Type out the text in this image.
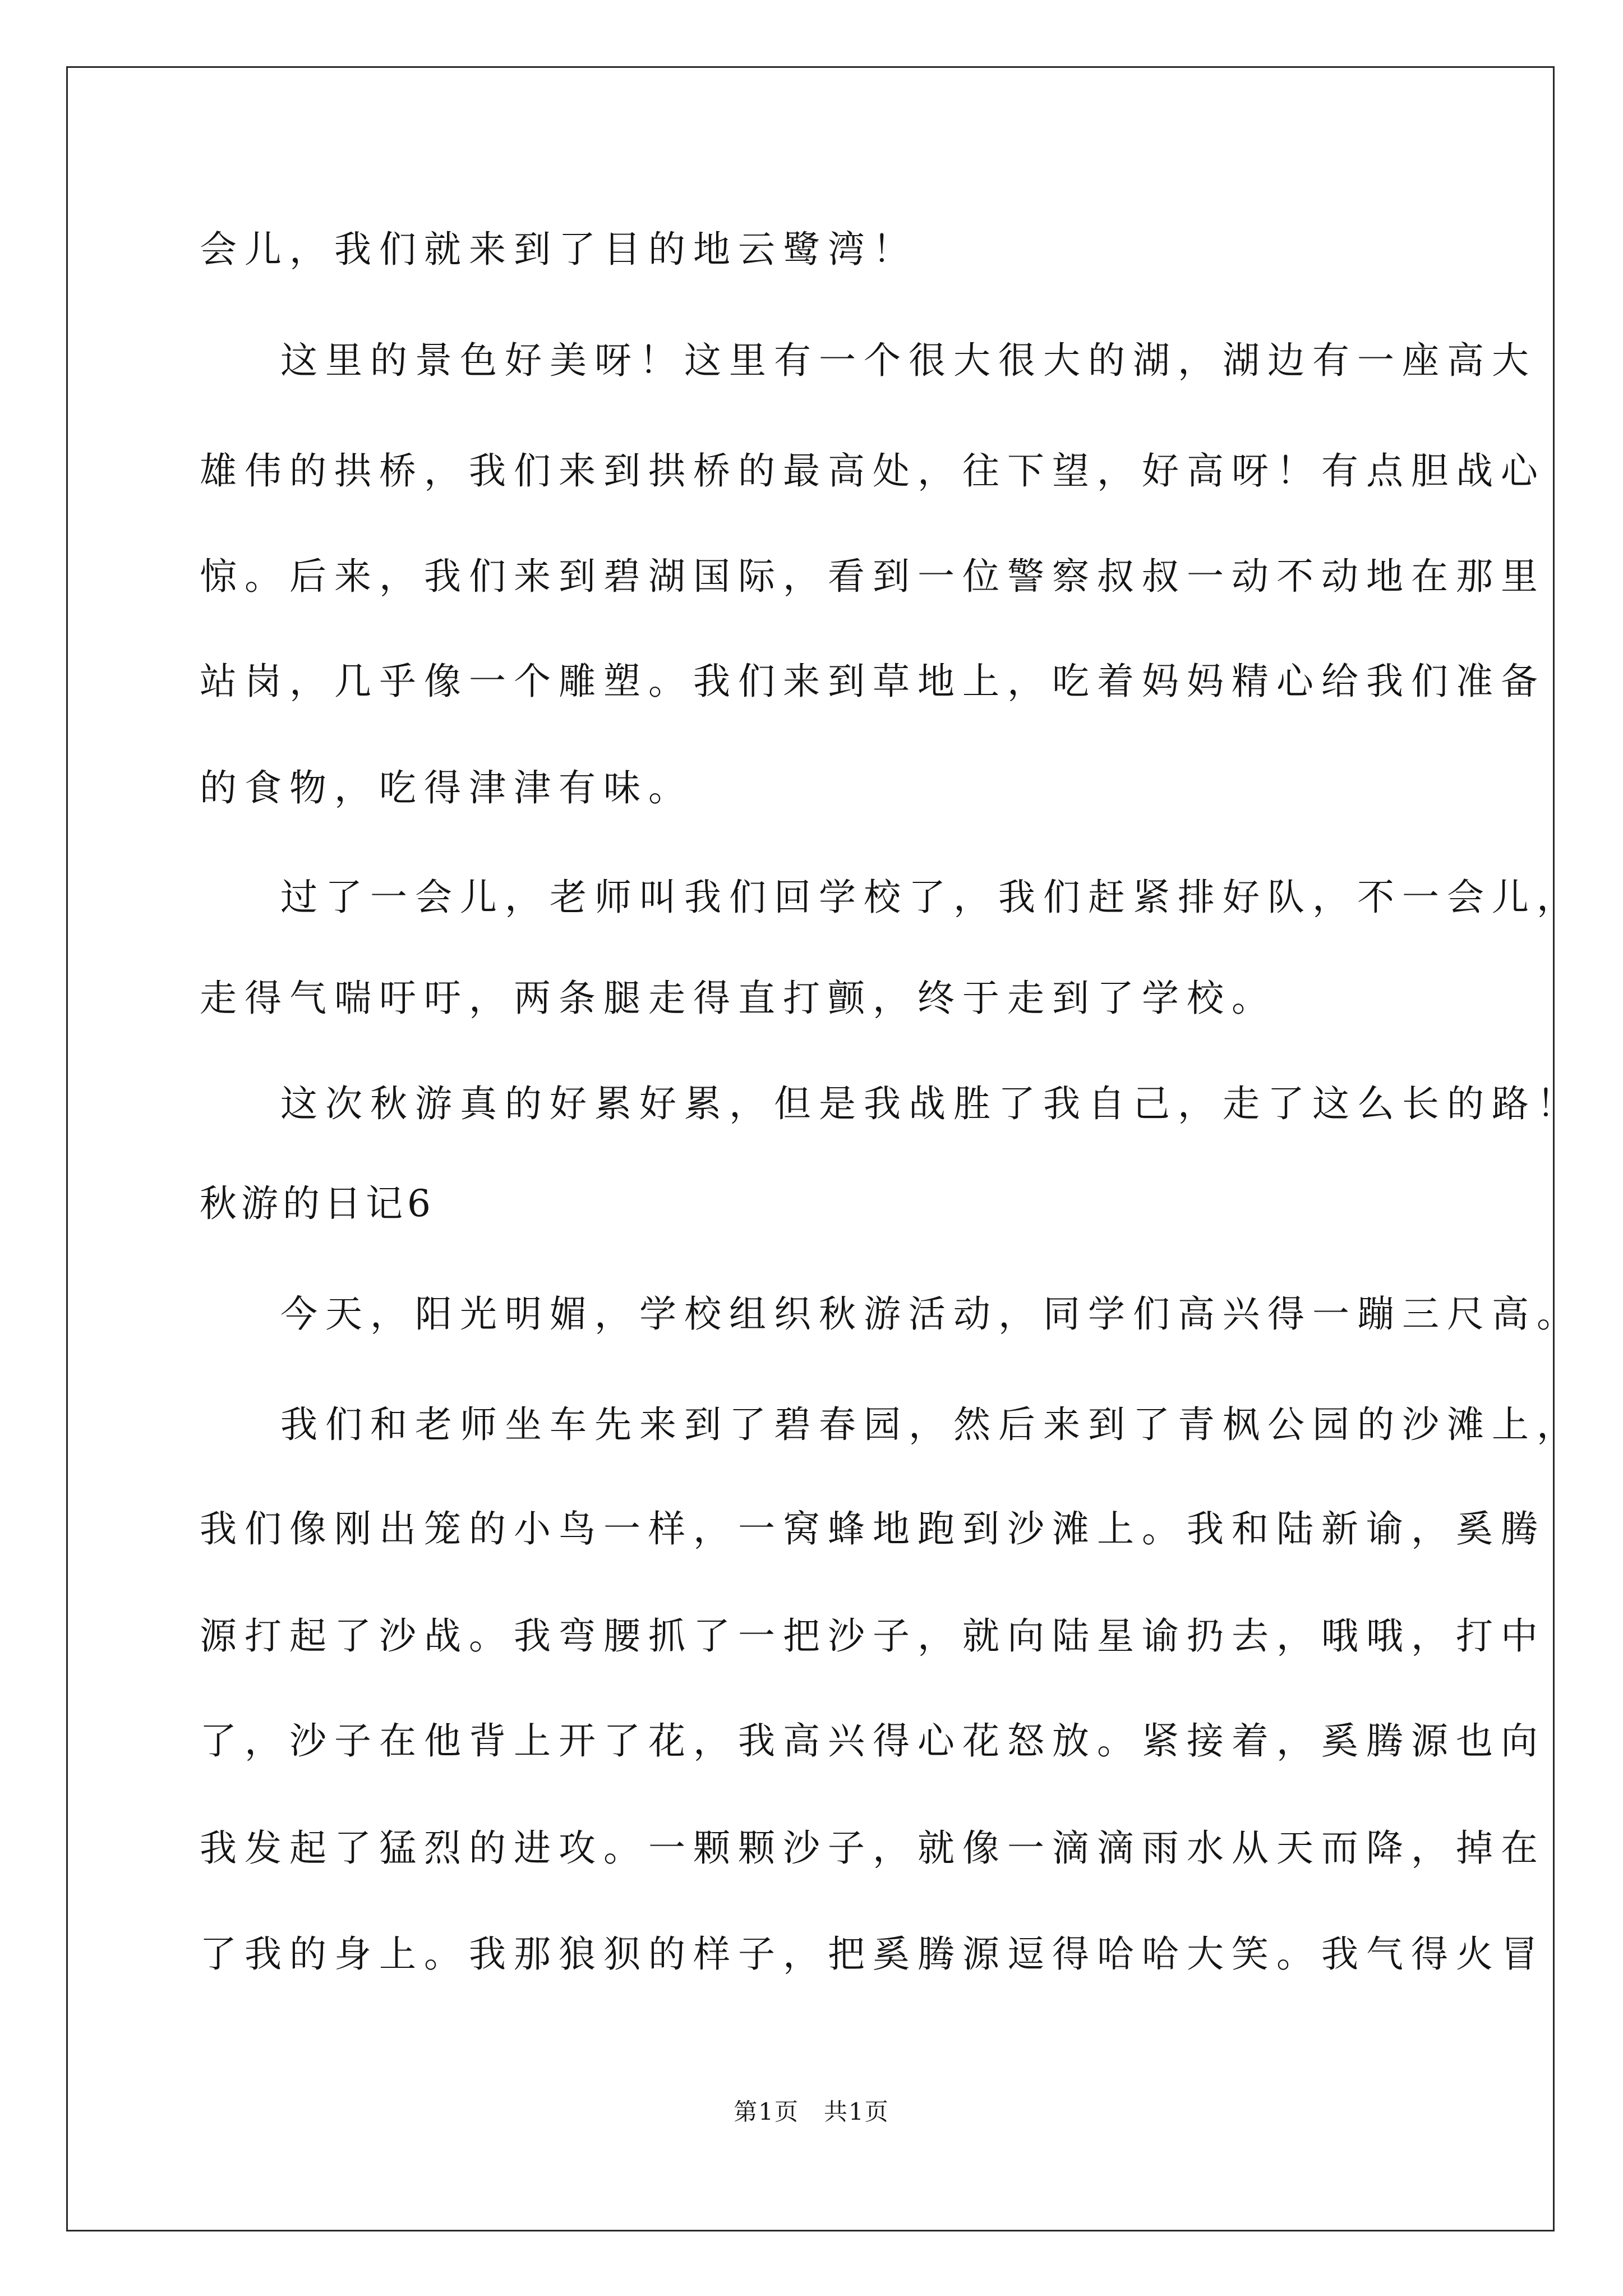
会儿，我们就来到了目的地云鹭湾！
这里的景色好美呀！这里有一个很大很大的湖，湖边有一座高大
雄伟的拱桥，我们来到拱桥的最高处，往下望，好高呀！有点胆战心
惊。后来，我们来到碧湖国际，看到一位警察叔叔一动不动地在那里
站岗，几乎像一个雕塑。我们来到草地上，吃着妈妈精心给我们准备
的食物，吃得津津有味。
过了一会儿，老师叫我们回学校了，我们赶紧排好队，不一会儿，
走得气喘吁吁，两条腿走得直打颤，终于走到了学校。
这次秋游真的好累好累，但是我战胜了我自己，走了这么长的路！
秋游的日记6
今天，阳光明媚，学校组织秋游活动，同学们高兴得一蹦三尺高。
我们和老师坐车先来到了碧春园，然后来到了青枫公园的沙滩上，
我们像刚出笼的小鸟一样，一窝蜂地跑到沙滩上。我和陆新谕，奚腾
源打起了沙战。我弯腰抓了一把沙子，就向陆星谕扔去，哦哦，打中
了，沙子在他背上开了花，我高兴得心花怒放。紧接着，奚腾源也向
我发起了猛烈的进攻。一颗颗沙子，就像一滴滴雨水从天而降，掉在
了我的身上。我那狼狈的样子，把奚腾源逗得哈哈大笑。我气得火冒
第1页　共1页
